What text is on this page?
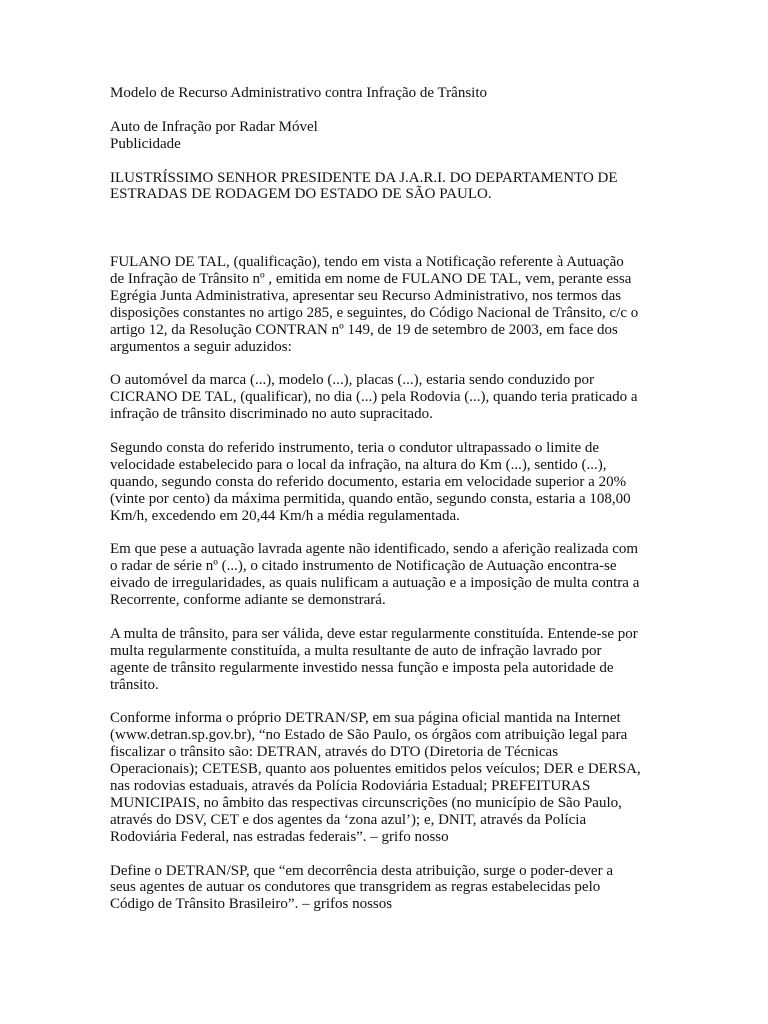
Modelo de Recurso Administrativo contra Infração de Trânsito

Auto de Infração por Radar Móvel
Publicidade

ILUSTRÍSSIMO SENHOR PRESIDENTE DA J.A.R.I. DO DEPARTAMENTO DE
ESTRADAS DE RODAGEM DO ESTADO DE SÃO PAULO.

FULANO DE TAL, (qualificação), tendo em vista a Notificação referente à Autuação
de Infração de Trânsito nº , emitida em nome de FULANO DE TAL, vem, perante essa
Egrégia Junta Administrativa, apresentar seu Recurso Administrativo, nos termos das
disposições constantes no artigo 285, e seguintes, do Código Nacional de Trânsito, c/c o
artigo 12, da Resolução CONTRAN nº 149, de 19 de setembro de 2003, em face dos
argumentos a seguir aduzidos:

O automóvel da marca (...), modelo (...), placas (...), estaria sendo conduzido por
CICRANO DE TAL, (qualificar), no dia (...) pela Rodovia (...), quando teria praticado a
infração de trânsito discriminado no auto supracitado.

Segundo consta do referido instrumento, teria o condutor ultrapassado o limite de
velocidade estabelecido para o local da infração, na altura do Km (...), sentido (...),
quando, segundo consta do referido documento, estaria em velocidade superior a 20%
(vinte por cento) da máxima permitida, quando então, segundo consta, estaria a 108,00
Km/h, excedendo em 20,44 Km/h a média regulamentada.

Em que pese a autuação lavrada agente não identificado, sendo a aferição realizada com
o radar de série nº (...), o citado instrumento de Notificação de Autuação encontra-se
eivado de irregularidades, as quais nulificam a autuação e a imposição de multa contra a
Recorrente, conforme adiante se demonstrará.

A multa de trânsito, para ser válida, deve estar regularmente constituída. Entende-se por
multa regularmente constituída, a multa resultante de auto de infração lavrado por
agente de trânsito regularmente investido nessa função e imposta pela autoridade de
trânsito.

Conforme informa o próprio DETRAN/SP, em sua página oficial mantida na Internet
(www.detran.sp.gov.br), “no Estado de São Paulo, os órgãos com atribuição legal para
fiscalizar o trânsito são: DETRAN, através do DTO (Diretoria de Técnicas
Operacionais); CETESB, quanto aos poluentes emitidos pelos veículos; DER e DERSA,
nas rodovias estaduais, através da Polícia Rodoviária Estadual; PREFEITURAS
MUNICIPAIS, no âmbito das respectivas circunscrições (no município de São Paulo,
através do DSV, CET e dos agentes da ‘zona azul’); e, DNIT, através da Polícia
Rodoviária Federal, nas estradas federais”. – grifo nosso

Define o DETRAN/SP, que “em decorrência desta atribuição, surge o poder-dever a
seus agentes de autuar os condutores que transgridem as regras estabelecidas pelo
Código de Trânsito Brasileiro”. – grifos nossos
